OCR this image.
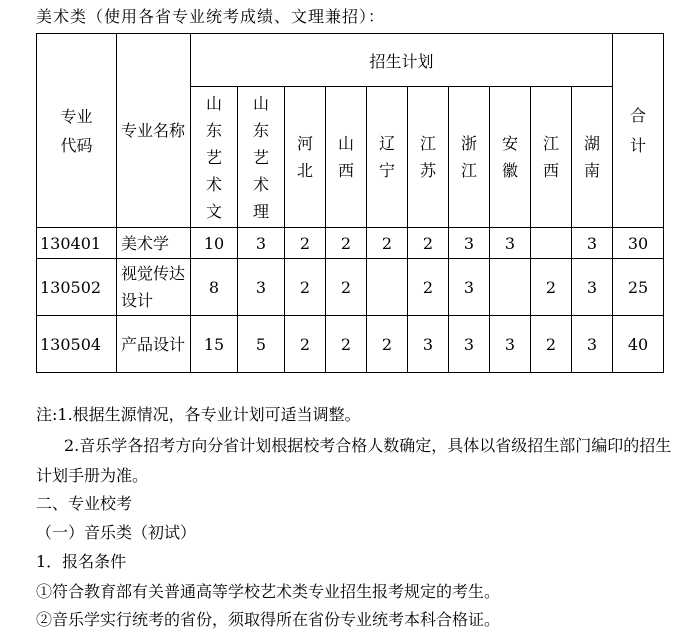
美术类（使用各省专业统考成绩、文理兼招）：
专业代码	专业名称	招生计划										合计

		山东艺术文	山东艺术理	河北	山西	辽宁	江苏	浙江	安徽	江西	湖南	

130401	美术学	10	3	2	2	2	2	3	3		3	30
130502	视觉传达设计	8	3	2	2		2	3		2	3	25
130504	产品设计	15	5	2	2	2	3	3	3	2	3	40
注:1.根据生源情况，各专业计划可适当调整。
2.音乐学各招考方向分省计划根据校考合格人数确定，具体以省级招生部门编印的招生计划手册为准。
二、专业校考
（一）音乐类（初试）
1．报名条件
①符合教育部有关普通高等学校艺术类专业招生报考规定的考生。
②音乐学实行统考的省份，须取得所在省份专业统考本科合格证。
